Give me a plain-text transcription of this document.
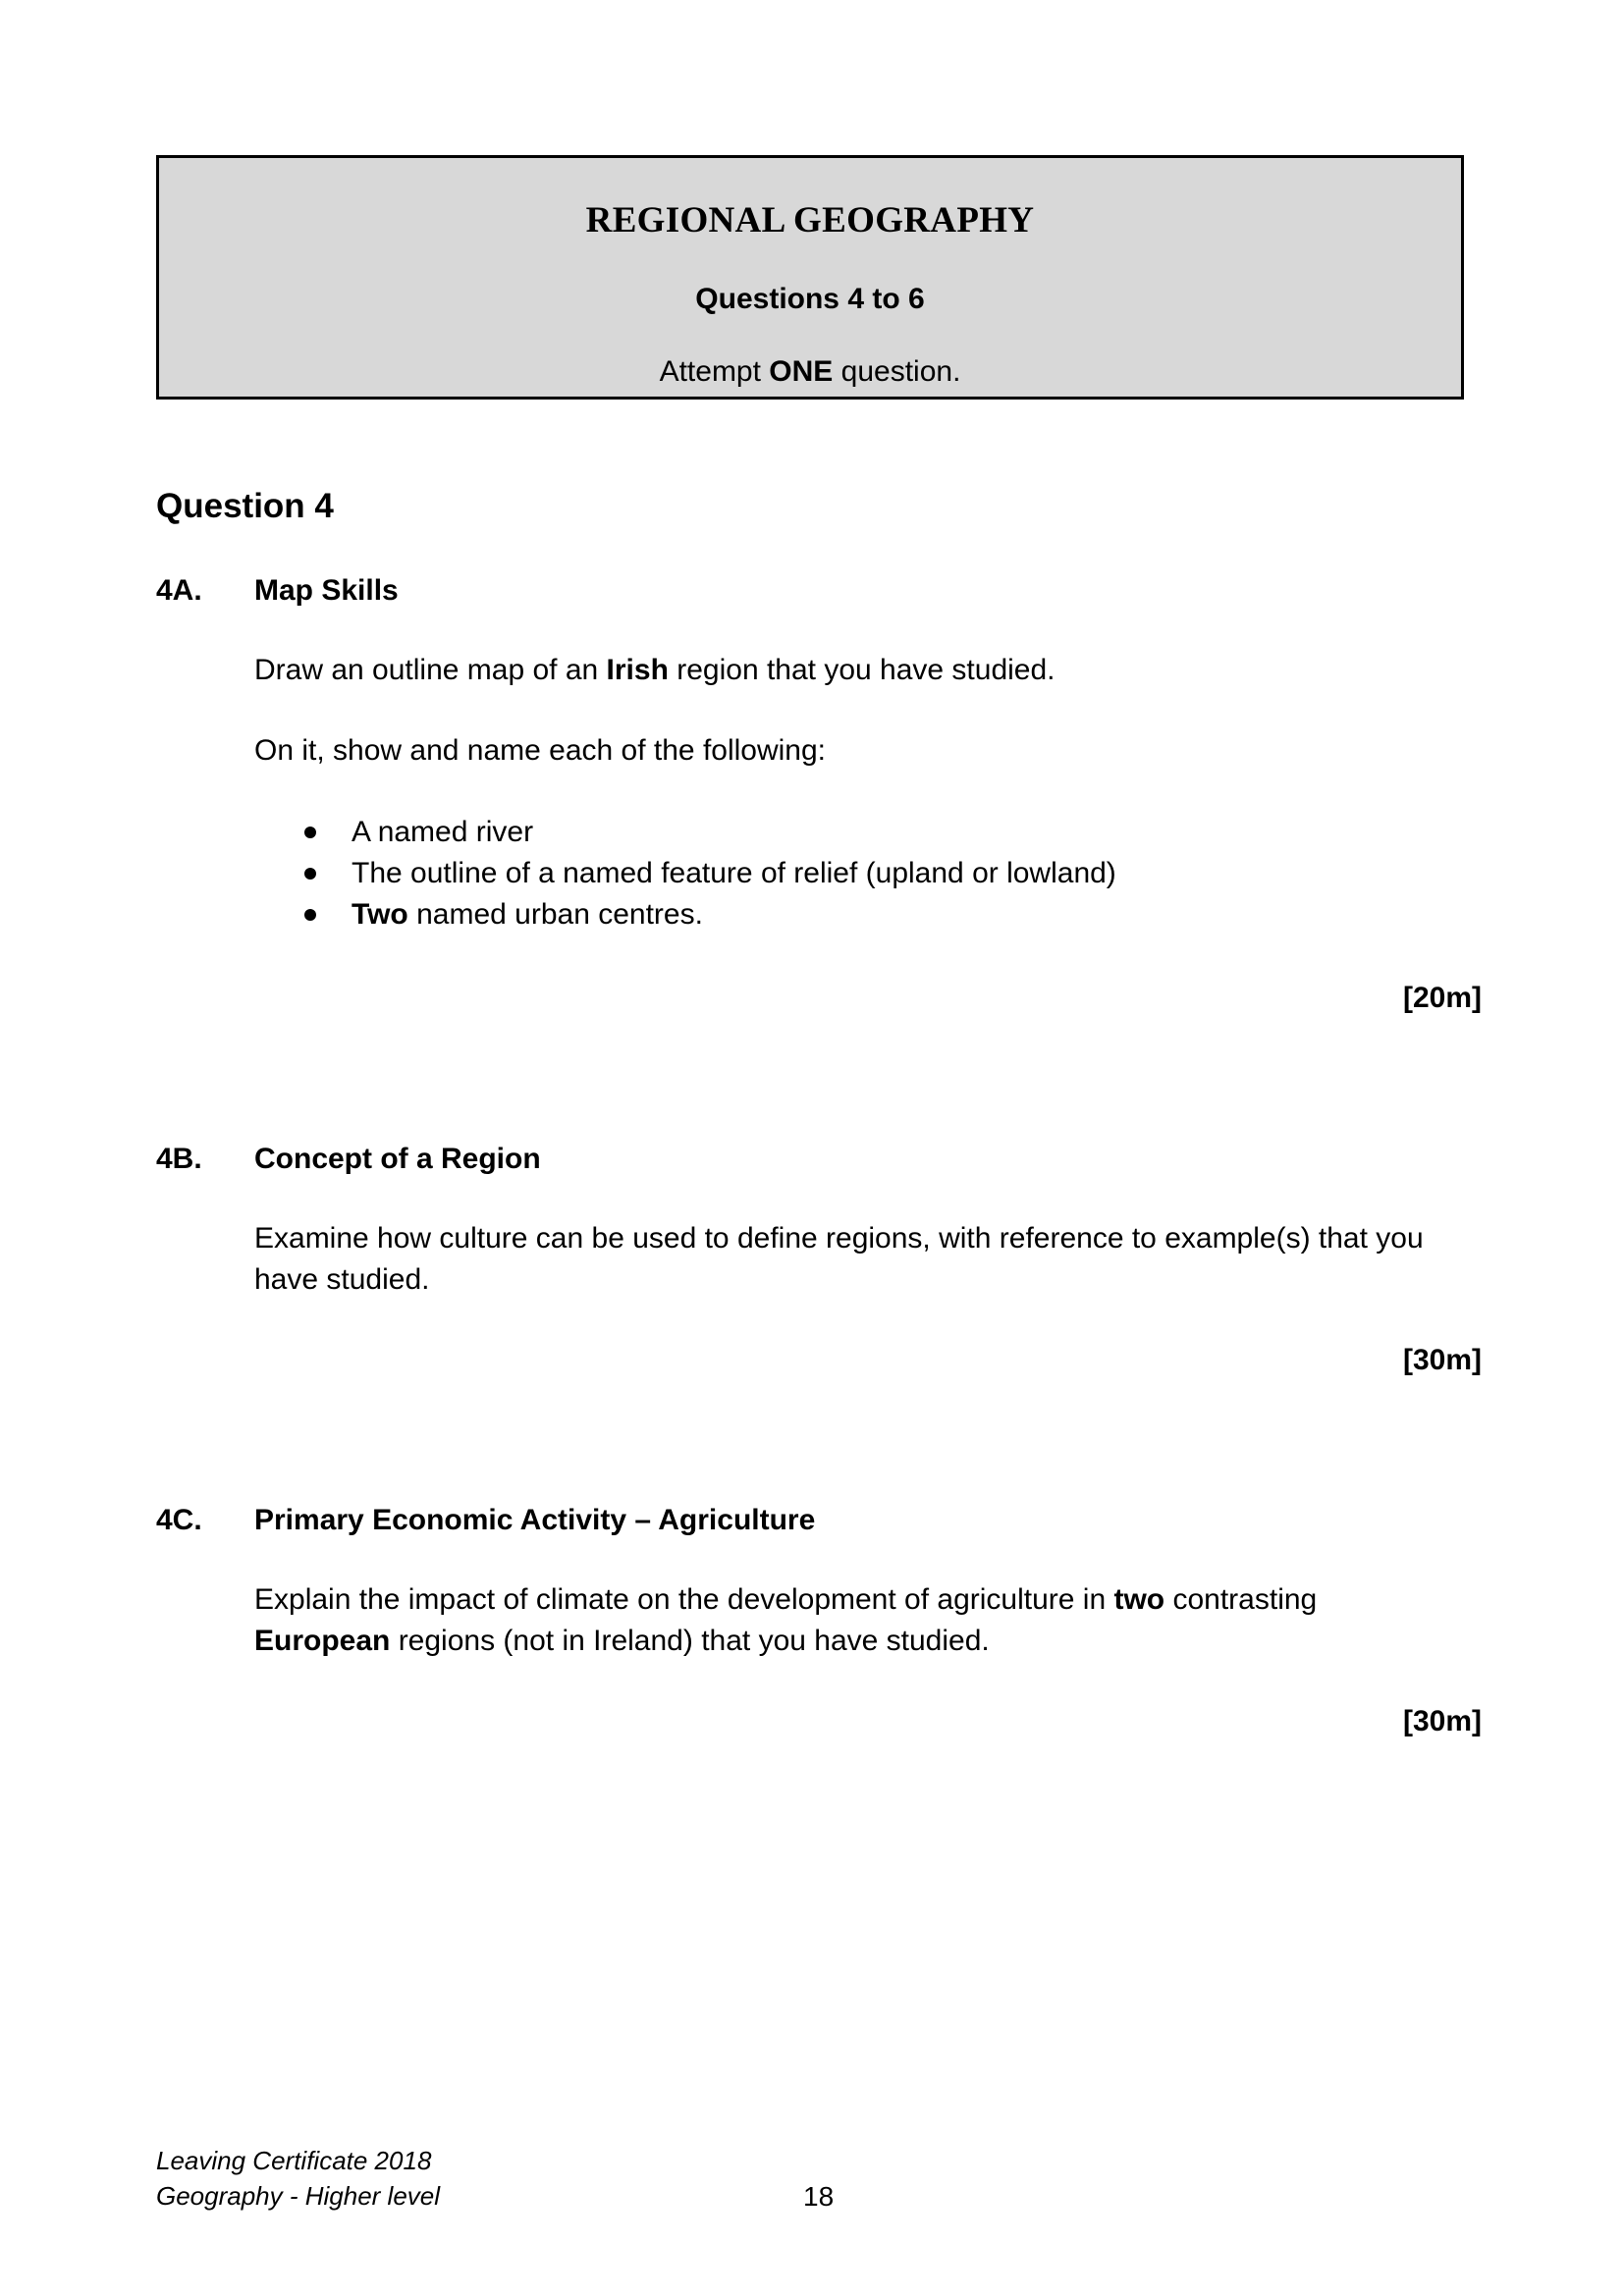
REGIONAL GEOGRAPHY
Questions 4 to 6
Attempt ONE question.
Question 4
4A. Map Skills
Draw an outline map of an Irish region that you have studied.
On it, show and name each of the following:
A named river
The outline of a named feature of relief (upland or lowland)
Two named urban centres.
[20m]
4B. Concept of a Region
Examine how culture can be used to define regions, with reference to example(s) that you
have studied.
[30m]
4C. Primary Economic Activity – Agriculture
Explain the impact of climate on the development of agriculture in two contrasting
European regions (not in Ireland) that you have studied.
[30m]
Leaving Certificate 2018
Geography - Higher level	18
